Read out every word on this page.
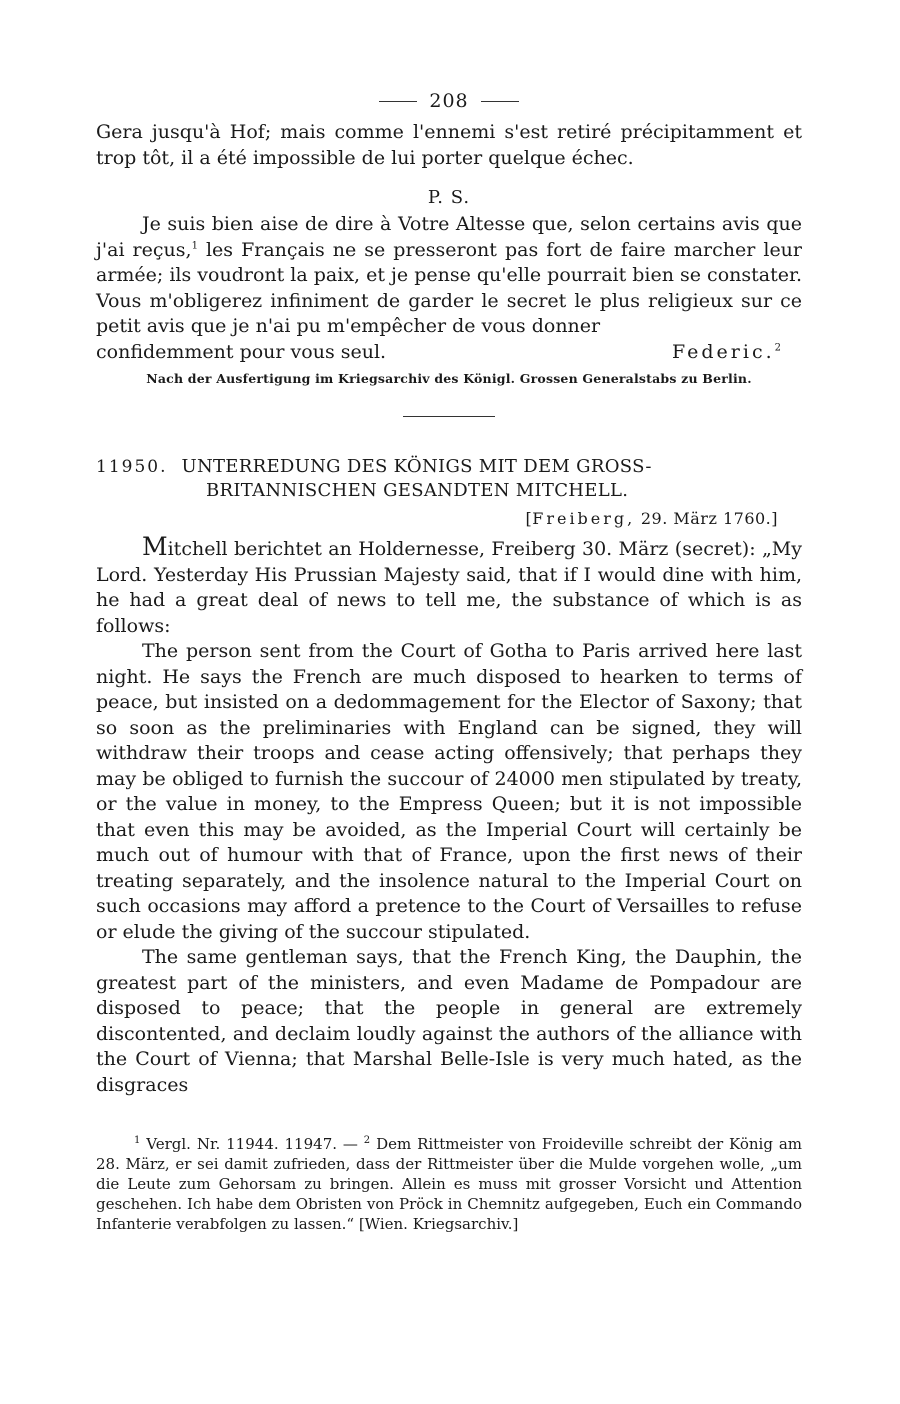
208

Gera jusqu'à Hof; mais comme l'ennemi s'est retiré précipitamment et trop tôt, il a été impossible de lui porter quelque échec.

P. S.

Je suis bien aise de dire à Votre Altesse que, selon certains avis que j'ai reçus,$^1$ les Français ne se presseront pas fort de faire marcher leur armée; ils voudront la paix, et je pense qu'elle pourrait bien se constater. Vous m'obligerez infiniment de garder le secret le plus religieux sur ce petit avis que je n'ai pu m'empêcher de vous donner

confidemment pour vous seul.	Federic.$^2$
Nach der Ausfertigung im Kriegsarchiv des Königl. Grossen Generalstabs zu Berlin.

11950. UNTERREDUNG DES KÖNIGS MIT DEM GROSS-
BRITANNISCHEN GESANDTEN MITCHELL.

[Freiberg, 29. März 1760.]

Mitchell berichtet an Holdernesse, Freiberg 30. März (secret): „My Lord. Yesterday His Prussian Majesty said, that if I would dine with him, he had a great deal of news to tell me, the substance of which is as follows:

The person sent from the Court of Gotha to Paris arrived here last night. He says the French are much disposed to hearken to terms of peace, but insisted on a dedommagement for the Elector of Saxony; that so soon as the preliminaries with England can be signed, they will withdraw their troops and cease acting offensively; that perhaps they may be obliged to furnish the succour of 24000 men stipulated by treaty, or the value in money, to the Empress Queen; but it is not impossible that even this may be avoided, as the Imperial Court will certainly be much out of humour with that of France, upon the first news of their treating separately, and the insolence natural to the Imperial Court on such occasions may afford a pretence to the Court of Versailles to refuse or elude the giving of the succour stipulated.

The same gentleman says, that the French King, the Dauphin, the greatest part of the ministers, and even Madame de Pompadour are disposed to peace; that the people in general are extremely discontented, and declaim loudly against the authors of the alliance with the Court of Vienna; that Marshal Belle-Isle is very much hated, as the disgraces

$^1$ Vergl. Nr. 11944. 11947. — $^2$ Dem Rittmeister von Froideville schreibt der König am 28. März, er sei damit zufrieden, dass der Rittmeister über die Mulde vorgehen wolle, „um die Leute zum Gehorsam zu bringen. Allein es muss mit grosser Vorsicht und Attention geschehen. Ich habe dem Obristen von Pröck in Chemnitz aufgegeben, Euch ein Commando Infanterie verabfolgen zu lassen.“ [Wien. Kriegsarchiv.]
